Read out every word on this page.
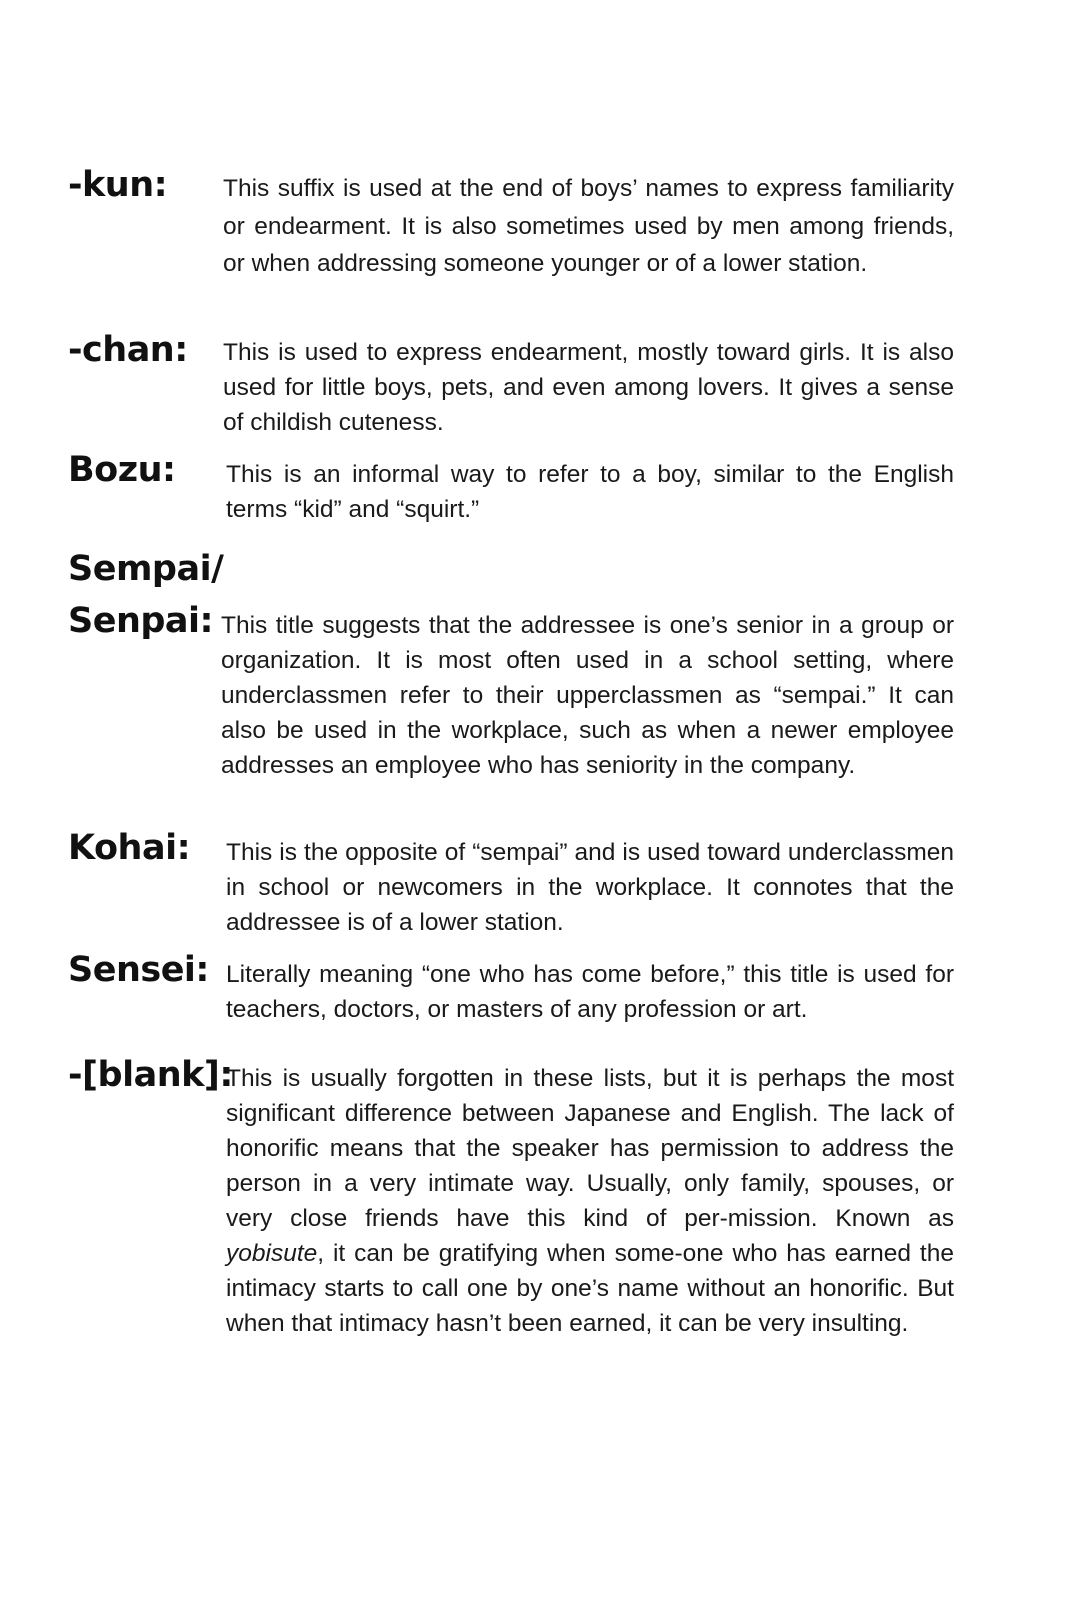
-kun: This suffix is used at the end of boys’ names to express familiarity or endearment. It is also sometimes used by men among friends, or when addressing someone younger or of a lower station.

-chan: This is used to express endearment, mostly toward girls. It is also used for little boys, pets, and even among lovers. It gives a sense of childish cuteness.

Bozu: This is an informal way to refer to a boy, similar to the English terms “kid” and “squirt.”

Sempai/
Senpai: This title suggests that the addressee is one’s senior in a group or organization. It is most often used in a school setting, where underclassmen refer to their upperclassmen as “sempai.” It can also be used in the workplace, such as when a newer employee addresses an employee who has seniority in the company.

Kohai: This is the opposite of “sempai” and is used toward underclassmen in school or newcomers in the workplace. It connotes that the addressee is of a lower station.

Sensei: Literally meaning “one who has come before,” this title is used for teachers, doctors, or masters of any profession or art.

-[blank]:

This is usually forgotten in these lists, but it is perhaps the most significant difference between Japanese and English. The lack of honorific means that the speaker has permission to address the person in a very intimate way. Usually, only family, spouses, or very close friends have this kind of per-mission. Known as yobisute, it can be gratifying when some-one who has earned the intimacy starts to call one by one’s name without an honorific. But when that intimacy hasn’t been earned, it can be very insulting.
